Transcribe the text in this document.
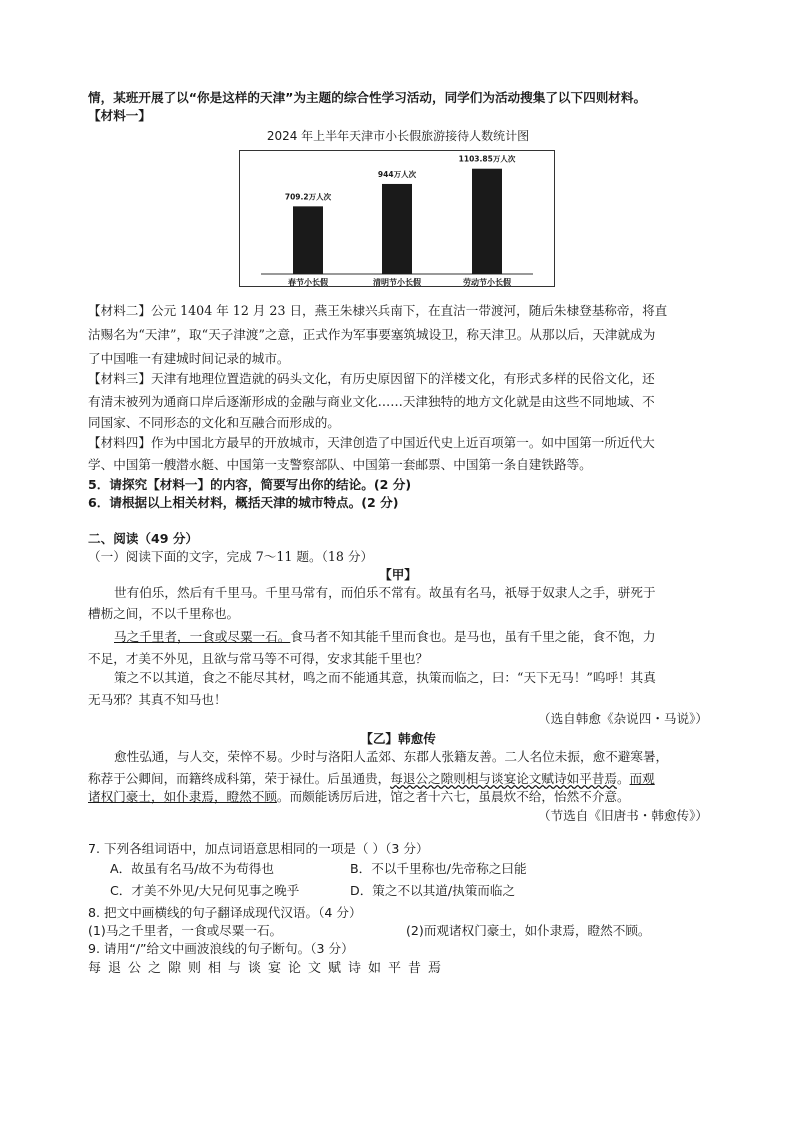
情，某班开展了以“你是这样的天津”为主题的综合性学习活动，同学们为活动搜集了以下四则材料。
【材料一】
2024 年上半年天津市小长假旅游接待人数统计图
709.2万人次
春节小长假
944万人次
清明节小长假
1103.85万人次
劳动节小长假
【材料二】公元 1404 年 12 月 23 日，燕王朱棣兴兵南下，在直沽一带渡河，随后朱棣登基称帝，将直
沽赐名为“天津”，取“天子津渡”之意，正式作为军事要塞筑城设卫，称天津卫。从那以后，天津就成为
了中国唯一有建城时间记录的城市。
【材料三】天津有地理位置造就的码头文化，有历史原因留下的洋楼文化，有形式多样的民俗文化，还
有清末被列为通商口岸后逐渐形成的金融与商业文化……天津独特的地方文化就是由这些不同地域、不
同国家、不同形态的文化和互融合而形成的。
【材料四】作为中国北方最早的开放城市，天津创造了中国近代史上近百项第一。如中国第一所近代大
学、中国第一艘潜水艇、中国第一支警察部队、中国第一套邮票、中国第一条自建铁路等。
5．请探究【材料一】的内容，简要写出你的结论。(2 分)
6．请根据以上相关材料，概括天津的城市特点。(2 分)
二、阅读（49 分）
（一）阅读下面的文字，完成 7～11 题。（18 分）
【甲】
世有伯乐，然后有千里马。千里马常有，而伯乐不常有。故虽有名马，祇辱于奴隶人之手，骈死于
槽枥之间，不以千里称也。
马之千里者，一食或尽粟一石。食马者不知其能千里而食也。是马也，虽有千里之能，食不饱，力
不足，才美不外见，且欲与常马等不可得，安求其能千里也？
策之不以其道，食之不能尽其材，鸣之而不能通其意，执策而临之，曰：“天下无马！”呜呼！其真
无马邪？其真不知马也！
（选自韩愈《杂说四・马说》）
【乙】韩愈传
愈性弘通，与人交，荣悴不易。少时与洛阳人孟郊、东郡人张籍友善。二人名位未振，愈不避寒暑，
称荐于公卿间，而籍终成科第，荣于禄仕。后虽通贵，每退公之隙则相与谈宴论文赋诗如平昔焉。而观
诸权门豪士，如仆隶焉，瞪然不顾。而颇能诱厉后进，馆之者十六七，虽晨炊不给，怡然不介意。
（节选自《旧唐书・韩愈传》）
7. 下列各组词语中，加点词语意思相同的一项是（ ）（3 分）
A．故虽有名马/故不为苟得也	B．不以千里称也/先帝称之曰能
C．才美不外见/大兄何见事之晚乎	D．策之不以其道/执策而临之
8. 把文中画横线的句子翻译成现代汉语。（4 分）
(1)马之千里者，一食或尽粟一石。	(2)而观诸权门豪士，如仆隶焉，瞪然不顾。
9. 请用“/”给文中画波浪线的句子断句。（3 分）
每退公之隙则相与谈宴论文赋诗如平昔焉
